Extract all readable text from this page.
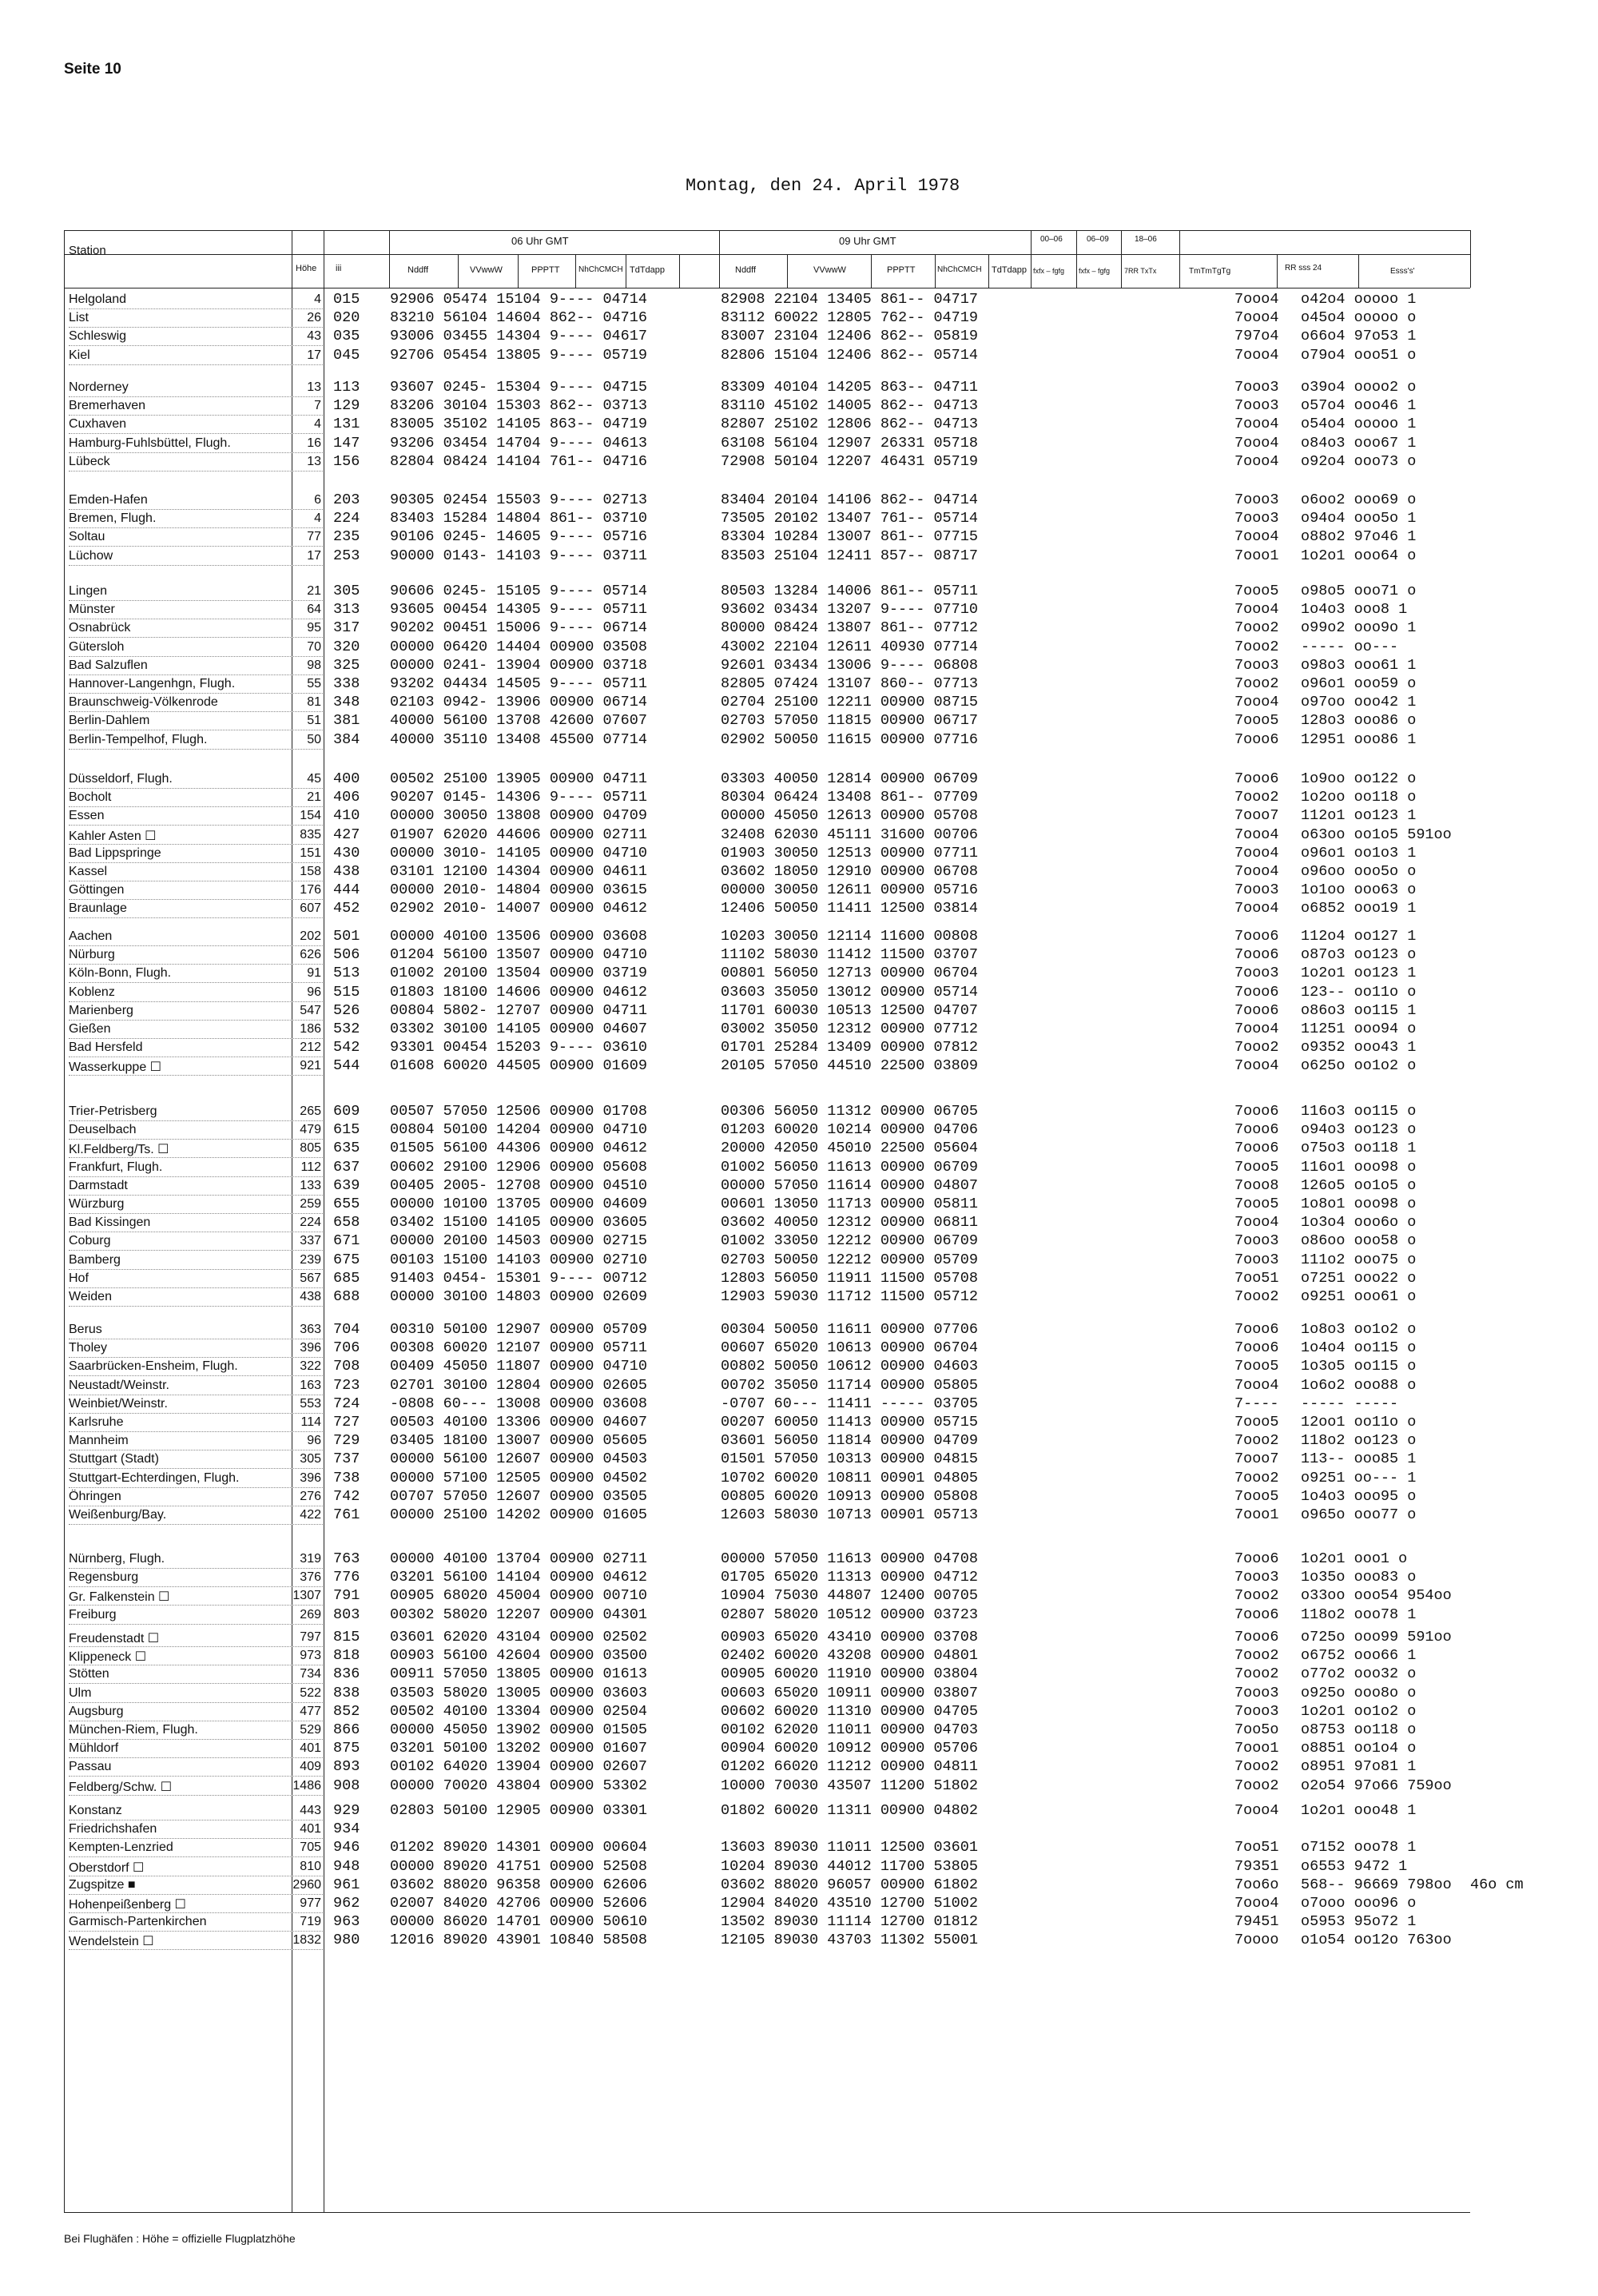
Seite 10
Montag, den 24. April 1978
Station
Höhe iii
06 Uhr GMT	09 Uhr GMT
Nddff	VVwwW	PPPTT NhChCMCH TdTdapp	Nddff	VVwwW	PPPTT	NhChCMCH TdTdapp
00–06	06–09	18–06
fxfx – fgfg fxfx – fgfg 7RR TxTx	TmTmTgTg	RR sss 24	Esss's'
Helgoland	4 015 92906 05474 15104 9---- 04714	82908 22104 13405 861-- 04717	7ooo4 o42o4 ooooo 1
List	26 020 83210 56104 14604 862-- 04716	83112 60022 12805 762-- 04719	7ooo4 o45o4 ooooo o
Schleswig	43 035 93006 03455 14304 9---- 04617	83007 23104 12406 862-- 05819	797o4 o66o4 97o53 1
Kiel	17 045 92706 05454 13805 9---- 05719	82806 15104 12406 862-- 05714	7ooo4 o79o4 ooo51 o
Norderney	13 113 93607 0245- 15304 9---- 04715	83309 40104 14205 863-- 04711	7ooo3 o39o4 oooo2 o
Bremerhaven	7 129 83206 30104 15303 862-- 03713	83110 45102 14005 862-- 04713	7ooo3 o57o4 ooo46 1
Cuxhaven	4 131 83005 35102 14105 863-- 04719	82807 25102 12806 862-- 04713	7ooo4 o54o4 ooooo 1
Hamburg-Fuhlsbüttel, Flugh.	16 147 93206 03454 14704 9---- 04613	63108 56104 12907 26331 05718	7ooo4 o84o3 ooo67 1
Lübeck	13 156 82804 08424 14104 761-- 04716	72908 50104 12207 46431 05719	7ooo4 o92o4 ooo73 o
Emden-Hafen	6 203 90305 02454 15503 9---- 02713	83404 20104 14106 862-- 04714	7ooo3 o6oo2 ooo69 o
Bremen, Flugh.	4 224 83403 15284 14804 861-- 03710	73505 20102 13407 761-- 05714	7ooo3 o94o4 ooo5o 1
Soltau	77 235 90106 0245- 14605 9---- 05716	83304 10284 13007 861-- 07715	7ooo4 o88o2 97o46 1
Lüchow	17 253 90000 0143- 14103 9---- 03711	83503 25104 12411 857-- 08717	7ooo1 1o2o1 ooo64 o
Lingen	21 305 90606 0245- 15105 9---- 05714	80503 13284 14006 861-- 05711	7ooo5 o98o5 ooo71 o
Münster	64 313 93605 00454 14305 9---- 05711	93602 03434 13207 9---- 07710	7ooo4 1o4o3 ooo8 1
Osnabrück	95 317 90202 00451 15006 9---- 06714	80000 08424 13807 861-- 07712	7ooo2 o99o2 ooo9o 1
Gütersloh	70 320 00000 06420 14404 00900 03508	43002 22104 12611 40930 07714	7ooo2 ----- oo---
Bad Salzuflen	98 325 00000 0241- 13904 00900 03718	92601 03434 13006 9---- 06808	7ooo3 o98o3 ooo61 1
Hannover-Langenhgn, Flugh.	55 338 93202 04434 14505 9---- 05711	82805 07424 13107 860-- 07713	7ooo2 o96o1 ooo59 o
Braunschweig-Völkenrode	81 348 02103 0942- 13906 00900 06714	02704 25100 12211 00900 08715	7ooo4 o97oo ooo42 1
Berlin-Dahlem	51 381 40000 56100 13708 42600 07607	02703 57050 11815 00900 06717	7ooo5 128o3 ooo86 o
Berlin-Tempelhof, Flugh.	50 384 40000 35110 13408 45500 07714	02902 50050 11615 00900 07716	7ooo6 12951 ooo86 1
Düsseldorf, Flugh.	45 400 00502 25100 13905 00900 04711	03303 40050 12814 00900 06709	7ooo6 1o9oo oo122 o
Bocholt	21 406 90207 0145- 14306 9---- 05711	80304 06424 13408 861-- 07709	7ooo2 1o2oo oo118 o
Essen	154 410 00000 30050 13808 00900 04709	00000 45050 12613 00900 05708	7ooo7 112o1 oo123 1
Kahler Asten ☐	835 427 01907 62020 44606 00900 02711	32408 62030 45111 31600 00706	7ooo4 o63oo oo1o5 591oo
Bad Lippspringe	151 430 00000 3010- 14105 00900 04710	01903 30050 12513 00900 07711	7ooo4 o96o1 oo1o3 1
Kassel	158 438 03101 12100 14304 00900 04611	03602 18050 12910 00900 06708	7ooo4 o96oo ooo5o o
Göttingen	176 444 00000 2010- 14804 00900 03615	00000 30050 12611 00900 05716	7ooo3 1o1oo ooo63 o
Braunlage	607 452 02902 2010- 14007 00900 04612	12406 50050 11411 12500 03814	7ooo4 o6852 ooo19 1
Aachen	202 501 00000 40100 13506 00900 03608	10203 30050 12114 11600 00808	7ooo6 112o4 oo127 1
Nürburg	626 506 01204 56100 13507 00900 04710	11102 58030 11412 11500 03707	7ooo6 o87o3 oo123 o
Köln-Bonn, Flugh.	91 513 01002 20100 13504 00900 03719	00801 56050 12713 00900 06704	7ooo3 1o2o1 oo123 1
Koblenz	96 515 01803 18100 14606 00900 04612	03603 35050 13012 00900 05714	7ooo6 123-- oo11o o
Marienberg	547 526 00804 5802- 12707 00900 04711	11701 60030 10513 12500 04707	7ooo6 o86o3 oo115 1
Gießen	186 532 03302 30100 14105 00900 04607	03002 35050 12312 00900 07712	7ooo4 11251 ooo94 o
Bad Hersfeld	212 542 93301 00454 15203 9---- 03610	01701 25284 13409 00900 07812	7ooo2 o9352 ooo43 1
Wasserkuppe ☐	921 544 01608 60020 44505 00900 01609	20105 57050 44510 22500 03809	7ooo4 o625o oo1o2 o
Trier-Petrisberg	265 609 00507 57050 12506 00900 01708	00306 56050 11312 00900 06705	7ooo6 116o3 oo115 o
Deuselbach	479 615 00804 50100 14204 00900 04710	01203 60020 10214 00900 04706	7ooo6 o94o3 oo123 o
Kl.Feldberg/Ts. ☐	805 635 01505 56100 44306 00900 04612	20000 42050 45010 22500 05604	7ooo6 o75o3 oo118 1
Frankfurt, Flugh.	112 637 00602 29100 12906 00900 05608	01002 56050 11613 00900 06709	7ooo5 116o1 ooo98 o
Darmstadt	133 639 00405 2005- 12708 00900 04510	00000 57050 11614 00900 04807	7ooo8 126o5 oo1o5 o
Würzburg	259 655 00000 10100 13705 00900 04609	00601 13050 11713 00900 05811	7ooo5 1o8o1 ooo98 o
Bad Kissingen	224 658 03402 15100 14105 00900 03605	03602 40050 12312 00900 06811	7ooo4 1o3o4 ooo6o o
Coburg	337 671 00000 20100 14503 00900 02715	01002 33050 12212 00900 06709	7ooo3 o86oo ooo58 o
Bamberg	239 675 00103 15100 14103 00900 02710	02703 50050 12212 00900 05709	7ooo3 111o2 ooo75 o
Hof	567 685 91403 0454- 15301 9---- 00712	12803 56050 11911 11500 05708	7oo51 o7251 ooo22 o
Weiden	438 688 00000 30100 14803 00900 02609	12903 59030 11712 11500 05712	7ooo2 o9251 ooo61 o
Berus	363 704 00310 50100 12907 00900 05709	00304 50050 11611 00900 07706	7ooo6 1o8o3 oo1o2 o
Tholey	396 706 00308 60020 12107 00900 05711	00607 65020 10613 00900 06704	7ooo6 1o4o4 oo115 o
Saarbrücken-Ensheim, Flugh.	322 708 00409 45050 11807 00900 04710	00802 50050 10612 00900 04603	7ooo5 1o3o5 oo115 o
Neustadt/Weinstr.	163 723 02701 30100 12804 00900 02605	00702 35050 11714 00900 05805	7ooo4 1o6o2 ooo88 o
Weinbiet/Weinstr.	553 724 -0808 60--- 13008 00900 03608	-0707 60--- 11411 ----- 03705	7---- ----- -----
Karlsruhe	114 727 00503 40100 13306 00900 04607	00207 60050 11413 00900 05715	7ooo5 12oo1 oo11o o
Mannheim	96 729 03405 18100 13007 00900 05605	03601 56050 11814 00900 04709	7ooo2 118o2 oo123 o
Stuttgart (Stadt)	305 737 00000 56100 12607 00900 04503	01501 57050 10313 00900 04815	7ooo7 113-- ooo85 1
Stuttgart-Echterdingen, Flugh.	396 738 00000 57100 12505 00900 04502	10702 60020 10811 00901 04805	7ooo2 o9251 oo--- 1
Öhringen	276 742 00707 57050 12607 00900 03505	00805 60020 10913 00900 05808	7ooo5 1o4o3 ooo95 o
Weißenburg/Bay.	422 761 00000 25100 14202 00900 01605	12603 58030 10713 00901 05713	7ooo1 o965o ooo77 o
Nürnberg, Flugh.	319 763 00000 40100 13704 00900 02711	00000 57050 11613 00900 04708	7ooo6 1o2o1 ooo1 o
Regensburg	376 776 03201 56100 14104 00900 04612	01705 65020 11313 00900 04712	7ooo3 1o35o ooo83 o
Gr. Falkenstein ☐	1307 791 00905 68020 45004 00900 00710	10904 75030 44807 12400 00705	7ooo2 o33oo ooo54 954oo
Freiburg	269 803 00302 58020 12207 00900 04301	02807 58020 10512 00900 03723	7ooo6 118o2 ooo78 1
Freudenstadt ☐	797 815 03601 62020 43104 00900 02502	00903 65020 43410 00900 03708	7ooo6 o725o ooo99 591oo
Klippeneck ☐	973 818 00903 56100 42604 00900 03500	02402 60020 43208 00900 04801	7ooo2 o6752 ooo66 1
Stötten	734 836 00911 57050 13805 00900 01613	00905 60020 11910 00900 03804	7ooo2 o77o2 ooo32 o
Ulm	522 838 03503 58020 13005 00900 03603	00603 65020 10911 00900 03807	7ooo3 o925o ooo8o o
Augsburg	477 852 00502 40100 13304 00900 02504	00602 60020 11310 00900 04705	7ooo3 1o2o1 oo1o2 o
München-Riem, Flugh.	529 866 00000 45050 13902 00900 01505	00102 62020 11011 00900 04703	7oo5o o8753 oo118 o
Mühldorf	401 875 03201 50100 13202 00900 01607	00904 60020 10912 00900 05706	7ooo1 o8851 oo1o4 o
Passau	409 893 00102 64020 13904 00900 02607	01202 66020 11212 00900 04811	7ooo2 o8951 97o81 1
Feldberg/Schw. ☐	1486 908 00000 70020 43804 00900 53302	10000 70030 43507 11200 51802	7ooo2 o2o54 97o66 759oo
Konstanz	443 929 02803 50100 12905 00900 03301	01802 60020 11311 00900 04802	7ooo4 1o2o1 ooo48 1
Friedrichshafen	401 934
Kempten-Lenzried	705 946 01202 89020 14301 00900 00604	13603 89030 11011 12500 03601	7oo51 o7152 ooo78 1
Oberstdorf ☐	810 948 00000 89020 41751 00900 52508	10204 89030 44012 11700 53805	79351 o6553 9472 1
Zugspitze ■	2960 961 03602 88020 96358 00900 62606	03602 88020 96057 00900 61802	7oo6o 568-- 96669 798oo 46o cm
Hohenpeißenberg ☐	977 962 02007 84020 42706 00900 52606	12904 84020 43510 12700 51002	7ooo4 o7ooo ooo96 o
Garmisch-Partenkirchen	719 963 00000 86020 14701 00900 50610	13502 89030 11114 12700 01812	79451 o5953 95o72 1
Wendelstein ☐	1832 980 12016 89020 43901 10840 58508	12105 89030 43703 11302 55001	7oooo o1o54 oo12o 763oo
Bei Flughäfen : Höhe = offizielle Flugplatzhöhe
